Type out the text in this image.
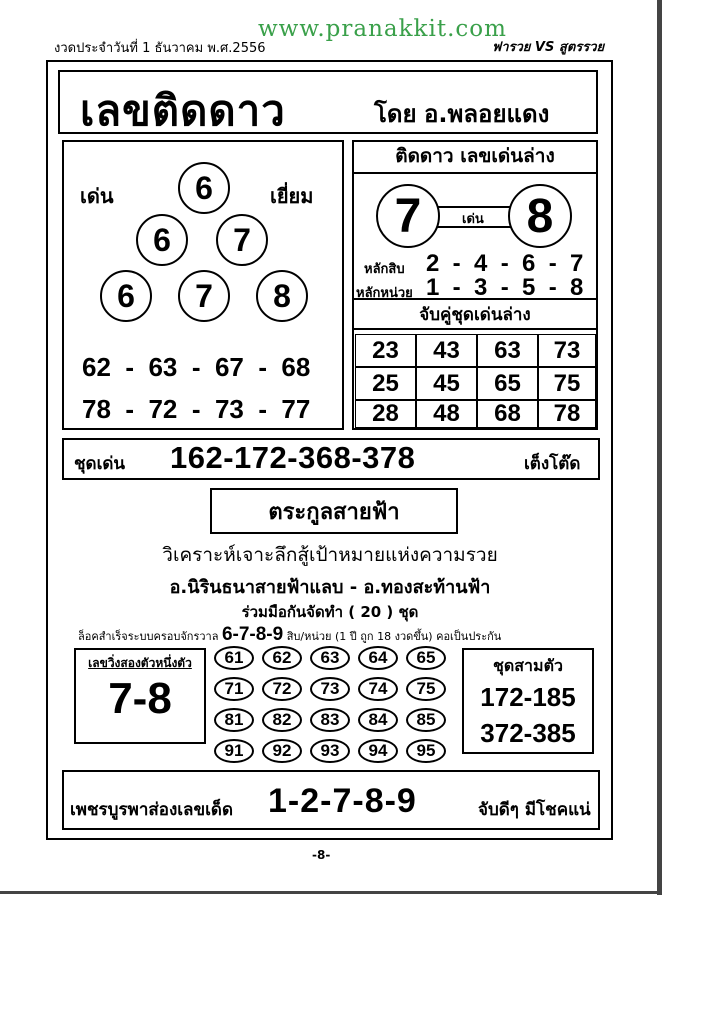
งวดประจำวันที่ 1 ธันวาคม พ.ศ.2556
www.pranakkit.com
ฟารวย VS สูตรรวย
เลขติดดาว	โดย อ.พลอยแดง
เด่น	เยี่ยม
6
6	7
6	7	8
62  -  63  -  67  -  68
78  -  72  -  73  -  77
ติดดาว เลขเด่นล่าง
7	เด่น 8
หลักสิบ 2  -  4  -  6  -  7
หลักหน่วย 1  -  3  -  5  -  8
จับคู่ชุดเด่นล่าง
23	43	63	73
25	45	65	75
28	48	68	78
ชุดเด่น 162-172-368-378	เต็งโต๊ด
ตระกูลสายฟ้า
วิเคราะห์เจาะลึกสู้เป้าหมายแห่งความรวย
อ.นิรินธนาสายฟ้าแลบ - อ.ทองสะท้านฟ้า
ร่วมมือกันจัดทำ ( 20 ) ชุด
ล็อคสำเร็จระบบครอบจักรวาล 6-7-8-9 สิบ/หน่วย (1 ปี ถูก 18 งวดขึ้น) คอเป็นประกัน
เลขวิ่งสองตัวหนึ่งตัว
7-8
61	62	63	64	65
71	72	73	74	75
81	82	83	84	85
91	92	93	94	95
ชุดสามตัว
172-185
372-385
เพชรบูรพาส่องเลขเด็ด 1-2-7-8-9	จับดีๆ มีโชคแน่
-8-
